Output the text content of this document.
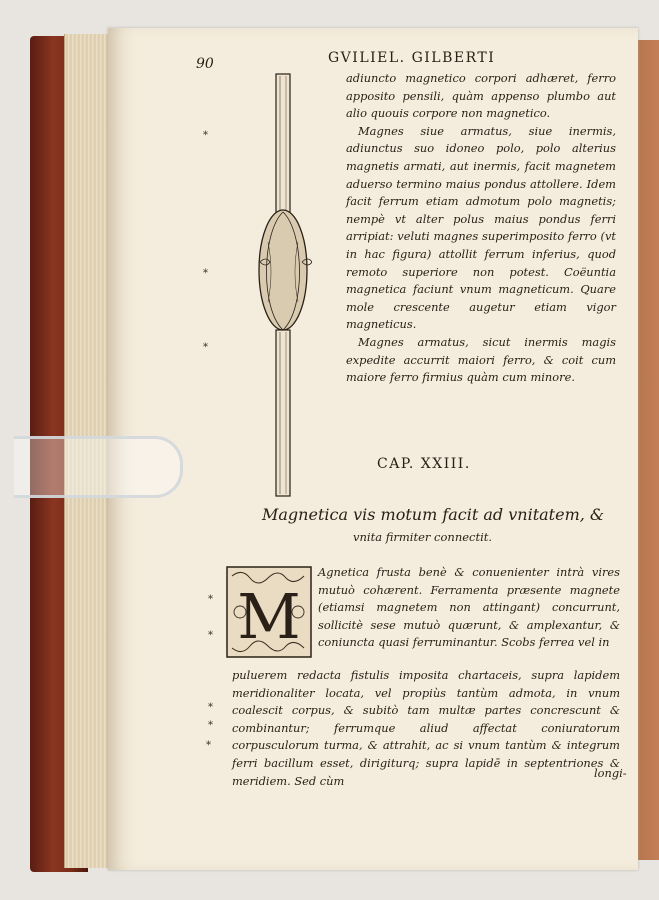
90	GVILIEL. GILBERTI

adiuncto magnetico corpori adhæret, ferro apposito pensili, quàm appenso plumbo aut alio quouis corpore non magnetico.

Magnes siue armatus, siue inermis, adiunctus suo idoneo polo, polo alterius magnetis armati, aut inermis, facit magnetem aduerso termino maius pondus attollere. Idem facit ferrum etiam admotum polo magnetis; nempè vt alter polus maius pondus ferri arripiat: veluti magnes superimposito ferro (vt in hac figura) attollit ferrum inferius, quod remoto superiore non potest. Coëuntia magnetica faciunt vnum magneticum. Quare mole crescente augetur etiam vigor magneticus.

Magnes armatus, sicut inermis magis expedite accurrit maiori ferro, & coit cum maiore ferro firmius quàm cum minore.

CAP. XXIII.
Magnetica vis motum facit ad vnitatem, &
vnita firmiter connectit.
M

Agnetica frusta benè & conuenienter intrà vires mutuò cohærent. Ferramenta præsente magnete (etiamsi magnetem non attingant) concurrunt, sollicitè sese mutuò quærunt, & amplexantur, & coniuncta quasi ferruminantur. Scobs ferrea vel in

puluerem redacta fistulis imposita chartaceis, supra lapidem meridionaliter locata, vel propiùs tantùm admota, in vnum coalescit corpus, & subitò tam multæ partes concrescunt & combinantur; ferrumque aliud affectat coniuratorum corpusculorum turma, & attrahit, ac si vnum tantùm & integrum ferri bacillum esset, dirigiturq; supra lapidē in septentriones & meridiem. Sed cùm

longi-
*
*
*
*
*
*
*
*
